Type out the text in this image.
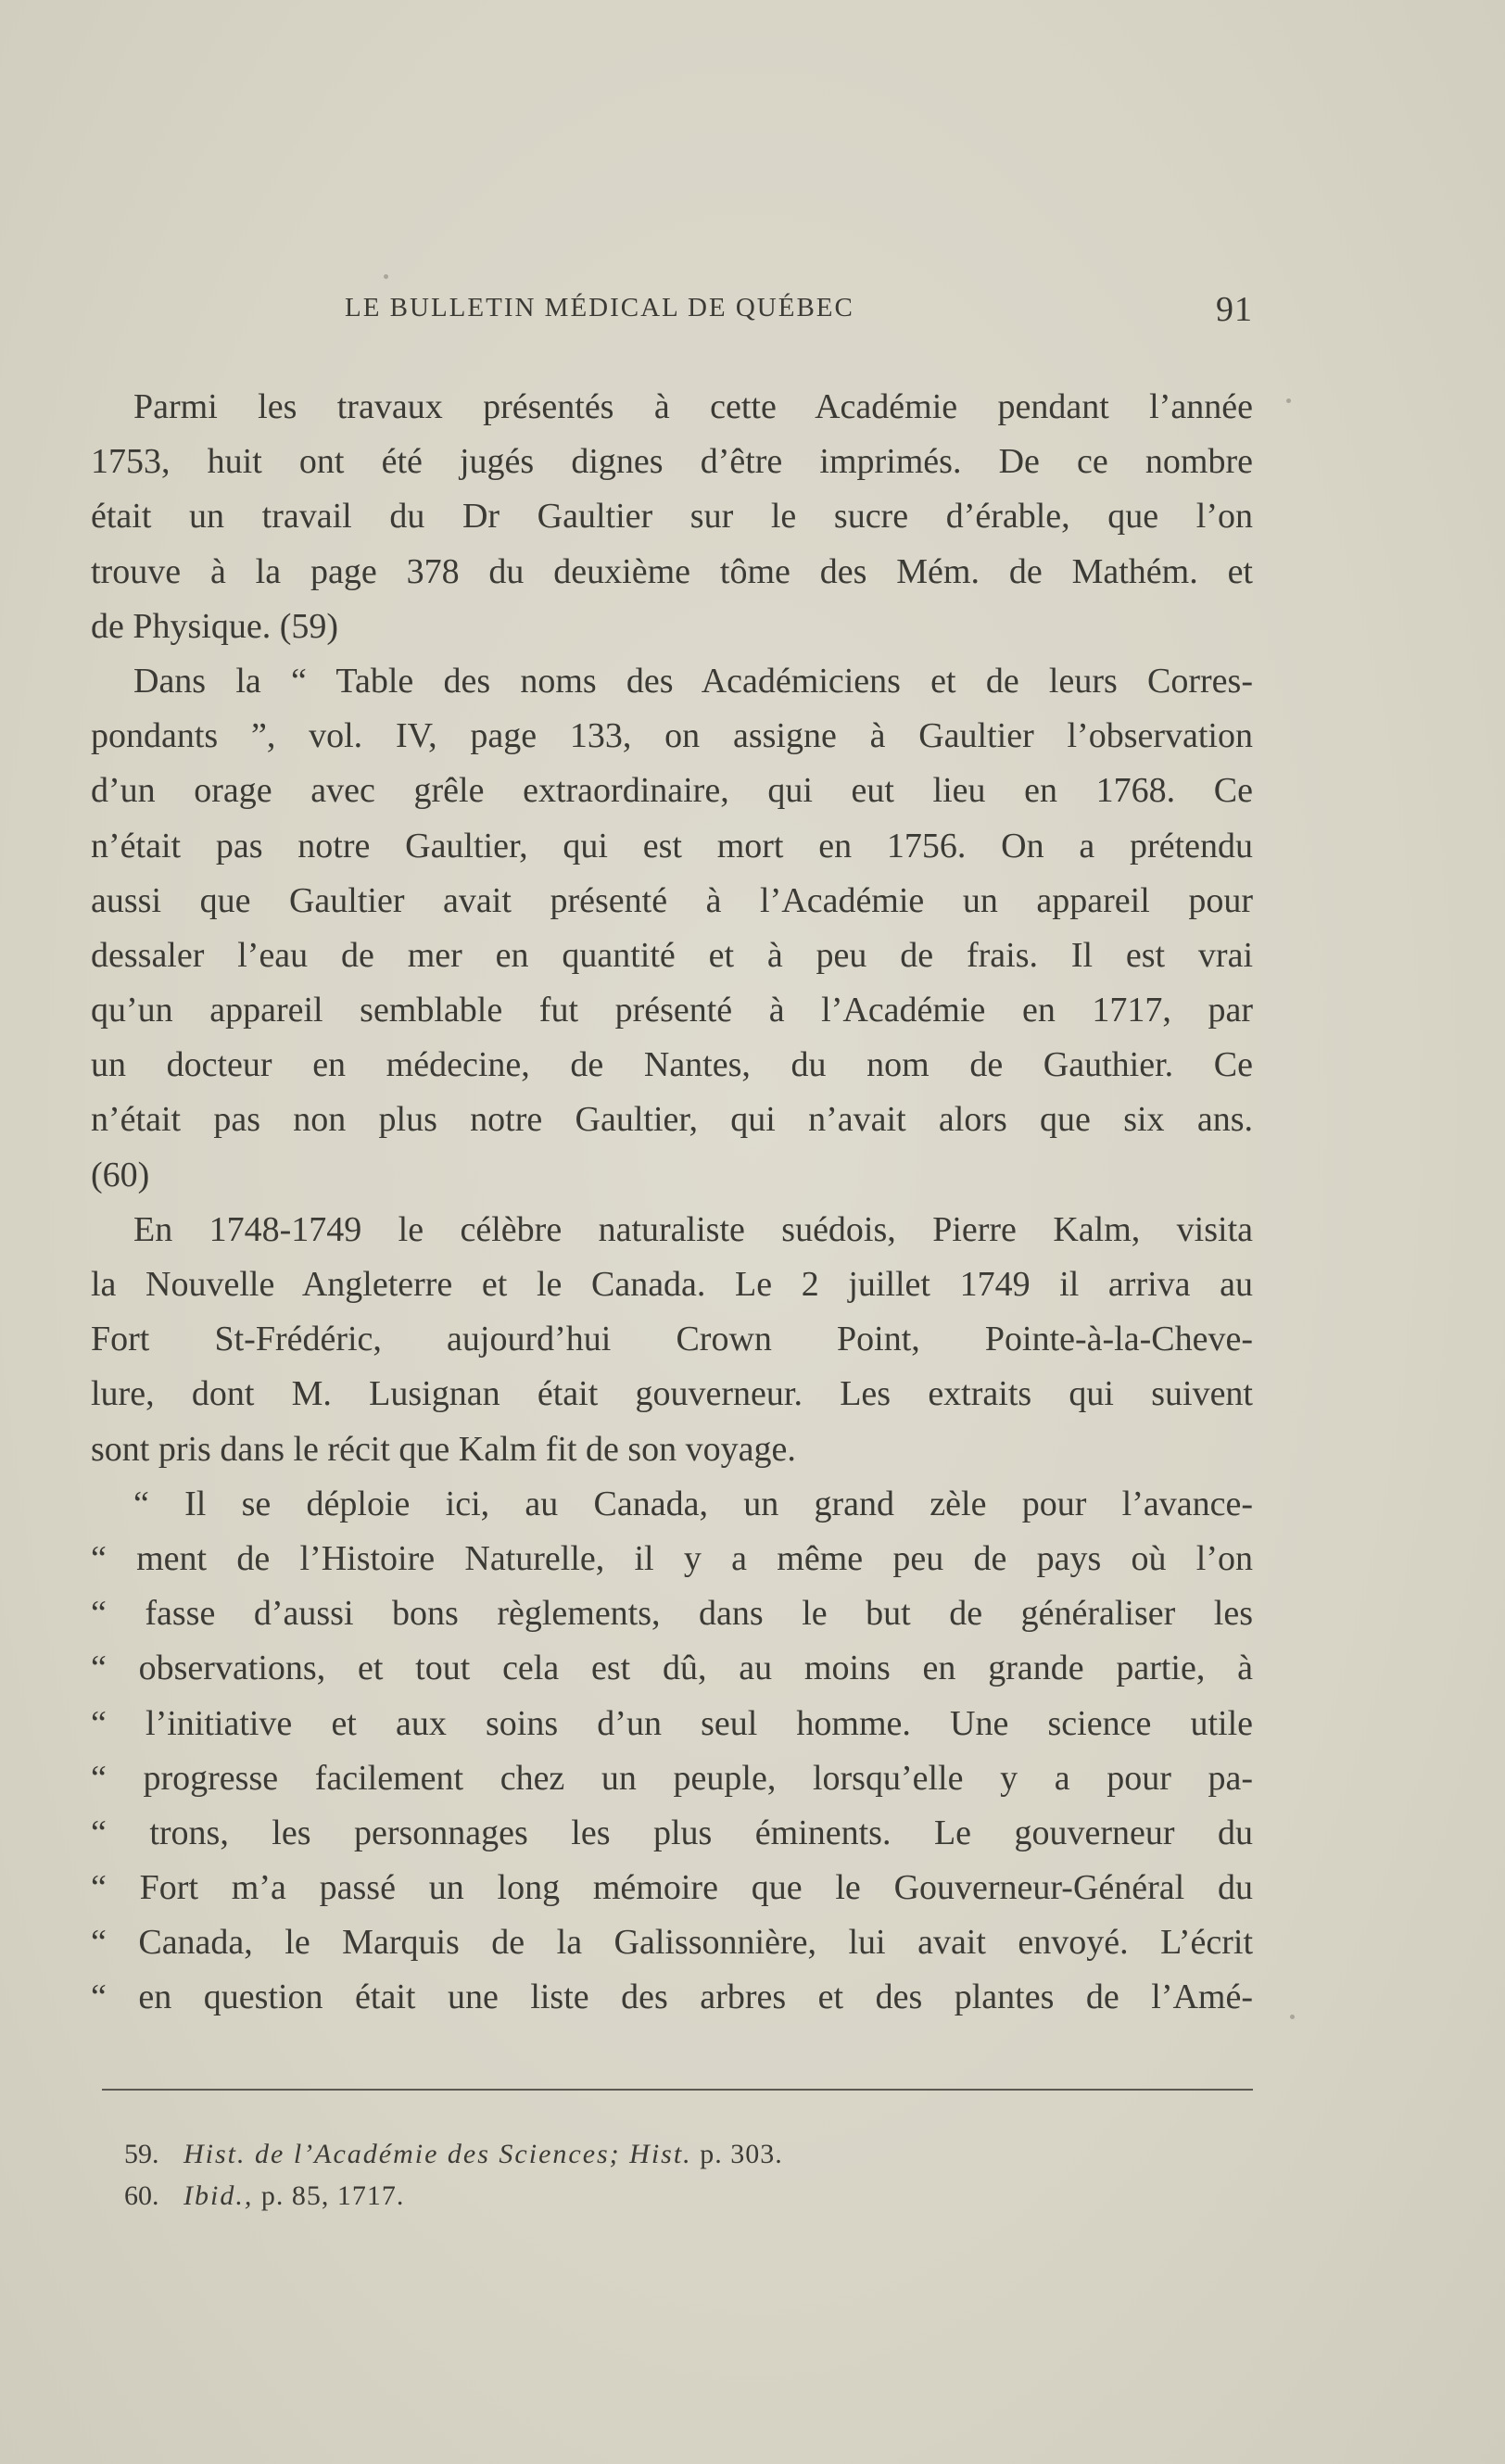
LE BULLETIN MÉDICAL DE QUÉBEC	91
Parmi les travaux présentés à cette Académie pendant l’année
1753, huit ont été jugés dignes d’être imprimés. De ce nombre
était un travail du Dr Gaultier sur le sucre d’érable, que l’on
trouve à la page 378 du deuxième tôme des Mém. de Mathém. et
de Physique. (59)
Dans la “ Table des noms des Académiciens et de leurs Corres-
pondants ”, vol. IV, page 133, on assigne à Gaultier l’observation
d’un orage avec grêle extraordinaire, qui eut lieu en 1768. Ce
n’était pas notre Gaultier, qui est mort en 1756. On a prétendu
aussi que Gaultier avait présenté à l’Académie un appareil pour
dessaler l’eau de mer en quantité et à peu de frais. Il est vrai
qu’un appareil semblable fut présenté à l’Académie en 1717, par
un docteur en médecine, de Nantes, du nom de Gauthier. Ce
n’était pas non plus notre Gaultier, qui n’avait alors que six ans.
(60)
En 1748-1749 le célèbre naturaliste suédois, Pierre Kalm, visita
la Nouvelle Angleterre et le Canada. Le 2 juillet 1749 il arriva au
Fort St-Frédéric, aujourd’hui Crown Point, Pointe-à-la-Cheve-
lure, dont M. Lusignan était gouverneur. Les extraits qui suivent
sont pris dans le récit que Kalm fit de son voyage.
“ Il se déploie ici, au Canada, un grand zèle pour l’avance-
“ ment de l’Histoire Naturelle, il y a même peu de pays où l’on
“ fasse d’aussi bons règlements, dans le but de généraliser les
“ observations, et tout cela est dû, au moins en grande partie, à
“ l’initiative et aux soins d’un seul homme. Une science utile
“ progresse facilement chez un peuple, lorsqu’elle y a pour pa-
“ trons, les personnages les plus éminents. Le gouverneur du
“ Fort m’a passé un long mémoire que le Gouverneur-Général du
“ Canada, le Marquis de la Galissonnière, lui avait envoyé. L’écrit
“ en question était une liste des arbres et des plantes de l’Amé-
59. Hist. de l’Académie des Sciences; Hist. p. 303.
60. Ibid., p. 85, 1717.
